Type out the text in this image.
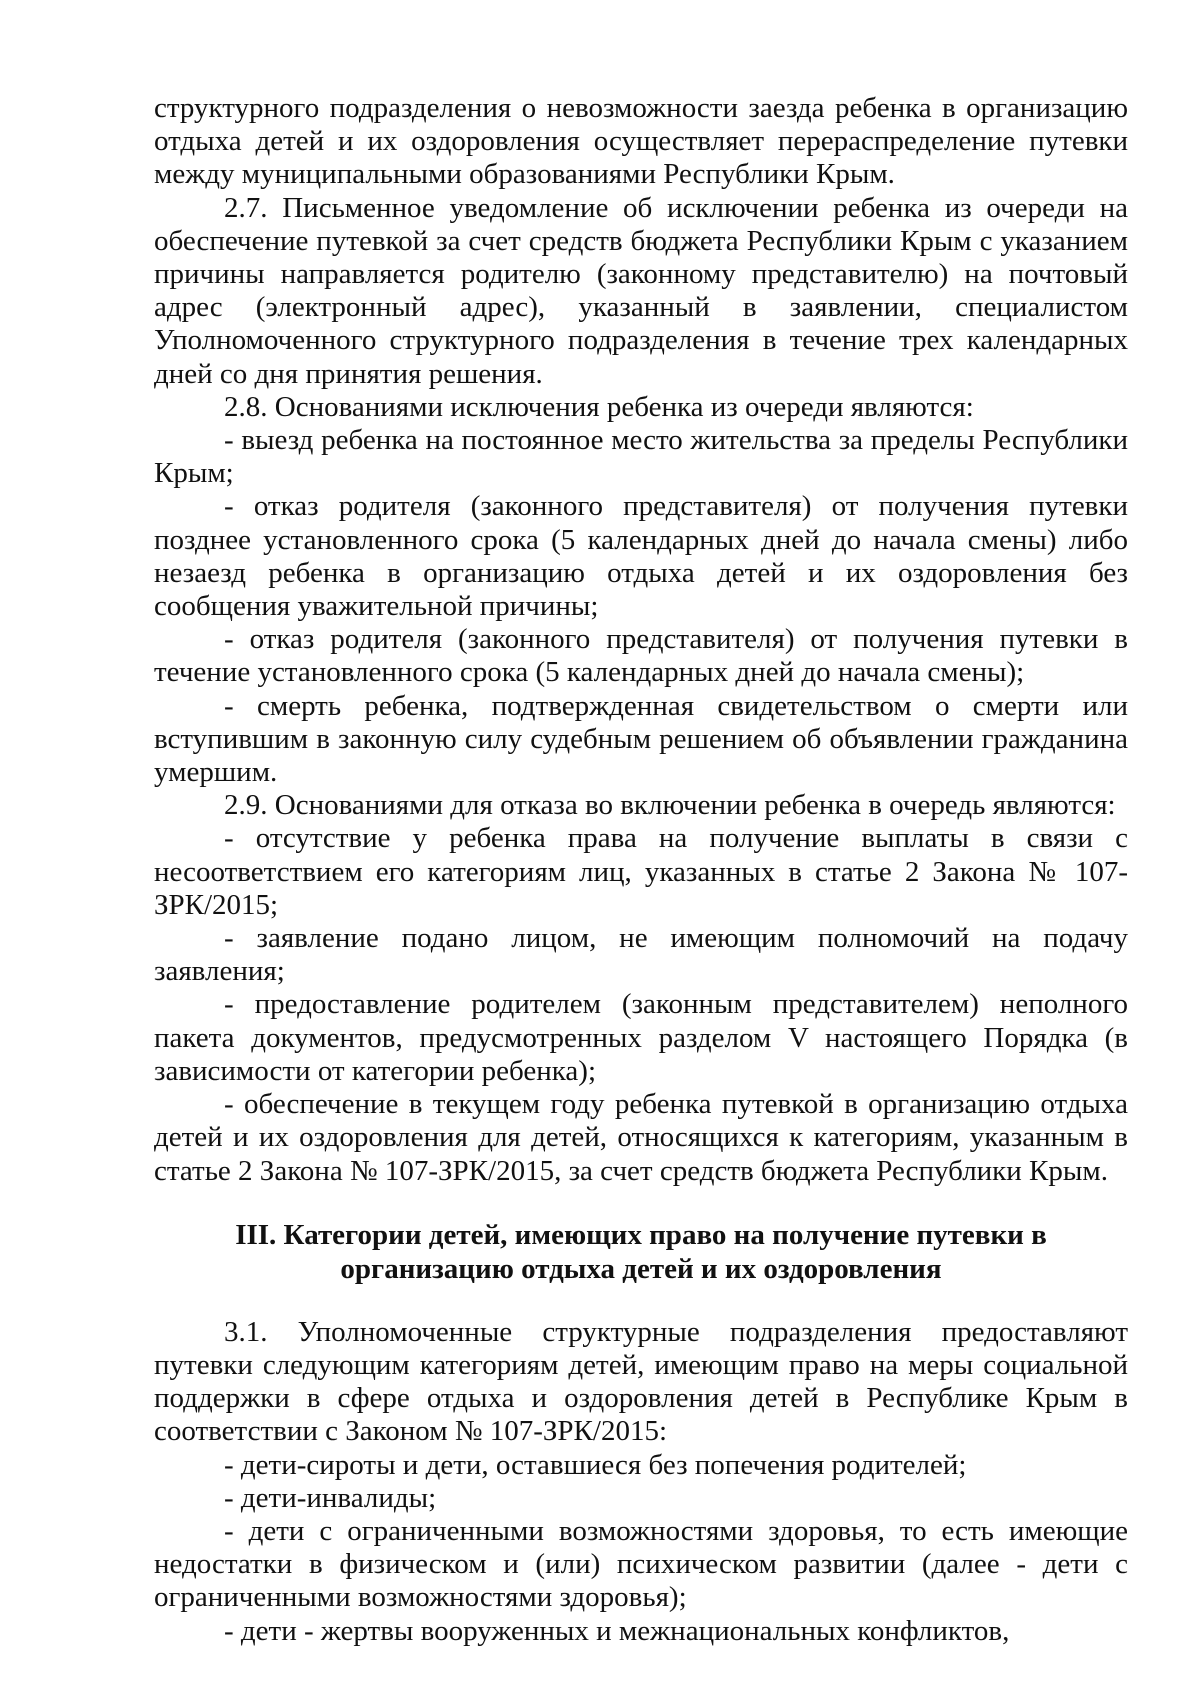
структурного подразделения о невозможности заезда ребенка в организацию отдыха детей и их оздоровления осуществляет перераспределение путевки между муниципальными образованиями Республики Крым.

2.7. Письменное уведомление об исключении ребенка из очереди на обеспечение путевкой за счет средств бюджета Республики Крым с указанием причины направляется родителю (законному представителю) на почтовый адрес (электронный адрес), указанный в заявлении, специалистом Уполномоченного структурного подразделения в течение трех календарных дней со дня принятия решения.

2.8. Основаниями исключения ребенка из очереди являются:

- выезд ребенка на постоянное место жительства за пределы Республики Крым;

- отказ родителя (законного представителя) от получения путевки позднее установленного срока (5 календарных дней до начала смены) либо незаезд ребенка в организацию отдыха детей и их оздоровления без сообщения уважительной причины;

- отказ родителя (законного представителя) от получения путевки в течение установленного срока (5 календарных дней до начала смены);

- смерть ребенка, подтвержденная свидетельством о смерти или вступившим в законную силу судебным решением об объявлении гражданина умершим.

2.9. Основаниями для отказа во включении ребенка в очередь являются:

- отсутствие у ребенка права на получение выплаты в связи с несоответствием его категориям лиц, указанных в статье 2 Закона № 107-ЗРК/2015;

- заявление подано лицом, не имеющим полномочий на подачу заявления;

- предоставление родителем (законным представителем) неполного пакета документов, предусмотренных разделом V настоящего Порядка (в зависимости от категории ребенка);

- обеспечение в текущем году ребенка путевкой в организацию отдыха детей и их оздоровления для детей, относящихся к категориям, указанным в статье 2 Закона № 107-ЗРК/2015, за счет средств бюджета Республики Крым.

III. Категории детей, имеющих право на получение путевки в организацию отдыха детей и их оздоровления

3.1. Уполномоченные структурные подразделения предоставляют путевки следующим категориям детей, имеющим право на меры социальной поддержки в сфере отдыха и оздоровления детей в Республике Крым в соответствии с Законом № 107-ЗРК/2015:

- дети-сироты и дети, оставшиеся без попечения родителей;

- дети-инвалиды;

- дети с ограниченными возможностями здоровья, то есть имеющие недостатки в физическом и (или) психическом развитии (далее - дети с ограниченными возможностями здоровья);

- дети - жертвы вооруженных и межнациональных конфликтов,
